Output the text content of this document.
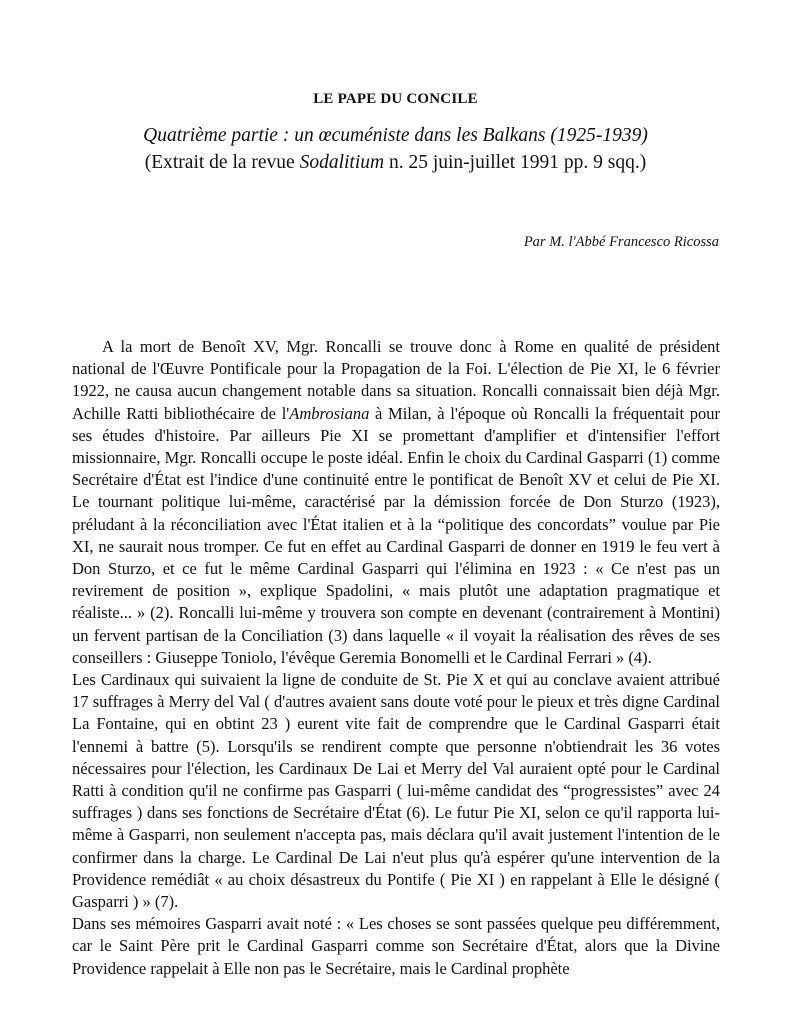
LE PAPE DU CONCILE
Quatrième partie : un œcuméniste dans les Balkans (1925-1939)
(Extrait de la revue Sodalitium n. 25 juin-juillet 1991 pp. 9 sqq.)
Par M. l'Abbé Francesco Ricossa

A la mort de Benoît XV, Mgr. Roncalli se trouve donc à Rome en qualité de président national de l'Œuvre Pontificale pour la Propagation de la Foi. L'élection de Pie XI, le 6 février 1922, ne causa aucun changement notable dans sa situation. Roncalli connaissait bien déjà Mgr. Achille Ratti bibliothécaire de l'Ambrosiana à Milan, à l'époque où Roncalli la fréquentait pour ses études d'histoire. Par ailleurs Pie XI se promettant d'amplifier et d'intensifier l'effort missionnaire, Mgr. Roncalli occupe le poste idéal. Enfin le choix du Cardinal Gasparri (1) comme Secrétaire d'État est l'indice d'une continuité entre le pontificat de Benoît XV et celui de Pie XI. Le tournant politique lui-même, caractérisé par la démission forcée de Don Sturzo (1923), préludant à la réconciliation avec l'État italien et à la “politique des concordats” voulue par Pie XI, ne saurait nous tromper. Ce fut en effet au Cardinal Gasparri de donner en 1919 le feu vert à Don Sturzo, et ce fut le même Cardinal Gasparri qui l'élimina en 1923 : « Ce n'est pas un revirement de position », explique Spadolini, « mais plutôt une adaptation pragmatique et réaliste... » (2). Roncalli lui-même y trouvera son compte en devenant (contrairement à Montini) un fervent partisan de la Conciliation (3) dans laquelle « il voyait la réalisation des rêves de ses conseillers : Giuseppe Toniolo, l'évêque Geremia Bonomelli et le Cardinal Ferrari » (4).

Les Cardinaux qui suivaient la ligne de conduite de St. Pie X et qui au conclave avaient attribué 17 suffrages à Merry del Val ( d'autres avaient sans doute voté pour le pieux et très digne Cardinal La Fontaine, qui en obtint 23 ) eurent vite fait de comprendre que le Cardinal Gasparri était l'ennemi à battre (5). Lorsqu'ils se rendirent compte que personne n'obtiendrait les 36 votes nécessaires pour l'élection, les Cardinaux De Lai et Merry del Val auraient opté pour le Cardinal Ratti à condition qu'il ne confirme pas Gasparri ( lui-même candidat des “progressistes” avec 24 suffrages ) dans ses fonctions de Secrétaire d'État (6). Le futur Pie XI, selon ce qu'il rapporta lui-même à Gasparri, non seulement n'accepta pas, mais déclara qu'il avait justement l'intention de le confirmer dans la charge. Le Cardinal De Lai n'eut plus qu'à espérer qu'une intervention de la Providence remédiât « au choix désastreux du Pontife ( Pie XI ) en rappelant à Elle le désigné ( Gasparri ) » (7).

Dans ses mémoires Gasparri avait noté : « Les choses se sont passées quelque peu différemment, car le Saint Père prit le Cardinal Gasparri comme son Secrétaire d'État, alors que la Divine Providence rappelait à Elle non pas le Secrétaire, mais le Cardinal prophète
